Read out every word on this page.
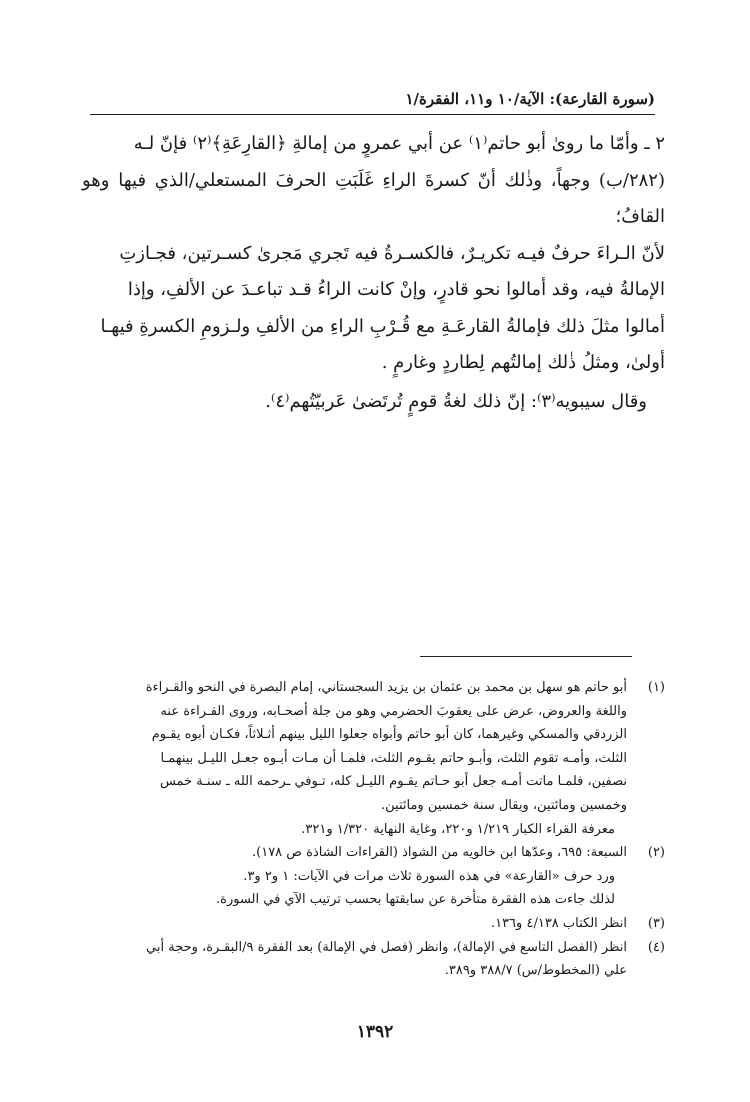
(سورة القارعة): الآية/١٠ و١١، الفقرة/١

٢ ـ وأمّا ما روىٰ أبو حاتم⁽١⁾ عن أبي عمروٍ من إمالةِ ﴿القارِعَةِ﴾⁽٢⁾ فإنّ لـه

(٢٨٢/ب) وجهاً، وذٰلك أنّ كسرةَ الراءِ غَلَبَتِ الحرفَ المستعلي/الذي فيها وهو القافُ؛

لأنّ الـراءَ حرفٌ فيـه تكريـرٌ، فالكسـرةُ فيه تَجري مَجرىٰ كسـرتين، فجـازتِ

الإمالةُ فيه، وقد أمالوا نحو قادرٍ، وإنْ كانت الراءُ قـد تباعـدَ عن الألفِ، وإذا

أمالوا مثلَ ذلك فإمالةُ القارعَـةِ مع قُـرْبِ الراءِ من الألفِ ولـزومِ الكسرةِ فيهـا

أولىٰ، ومثلُ ذٰلك إمالتُهم لِطاردٍ وغارمٍ .

وقال سيبويه⁽٣⁾: إنّ ذلك لغةُ قومٍ تُرتَضىٰ عَربيّتُهم⁽٤⁾.

(١)
أبو حاتم هو سهل بن محمد بن عثمان بن يزيد السجستاني، إمام البصرة في النحو والقـراءة
واللغة والعروض، عرض على يعقوبَ الحضرمي وهو من جلة أصحـابه، وروى القـراءة عنه
الزردقي والمسكي وغيرهما، كان أبو حاتم وأبواه جعلوا الليل بينهم أثـلاثاً، فكـان أبوه يقـوم
الثلث، وأمـه تقوم الثلث، وأبـو حاتم يقـوم الثلث، فلمـا أن مـات أبـوه جعـل الليـل بينهمـا
نصفين، فلمـا ماتت أمـه جعل أبو حـاتم يقـوم الليـل كله، تـوفي ـرحمه الله ـ سنـة خمس
وخمسين ومائتين، ويقال سنة خمسين ومائتين.
معرفة القراء الكبار ١/٢١٩ و٢٢٠، وغاية النهاية ١/٣٢٠ و٣٢١.
(٢)
السبعة: ٦٩٥، وعدّها ابن خالويه من الشواذ (القراءات الشاذة ص ١٧٨).
ورد حرف «القارعة» في هذه السورة ثلاث مرات في الآيات: ١ و٢ و٣.
لذلك جاءت هذه الفقرة متأخرة عن سابقتها بحسب ترتيب الآي في السورة.
(٣)
انظر الكتاب ٤/١٣٨ و١٣٦.
(٤)
انظر (الفصل التاسع في الإمالة)، وانظر (فصل في الإمالة) بعد الفقرة ٩/البقـرة، وحجة أبي
علي (المخطوط/س) ٣٨٨/٧ و٣٨٩.
١٣٩٢
